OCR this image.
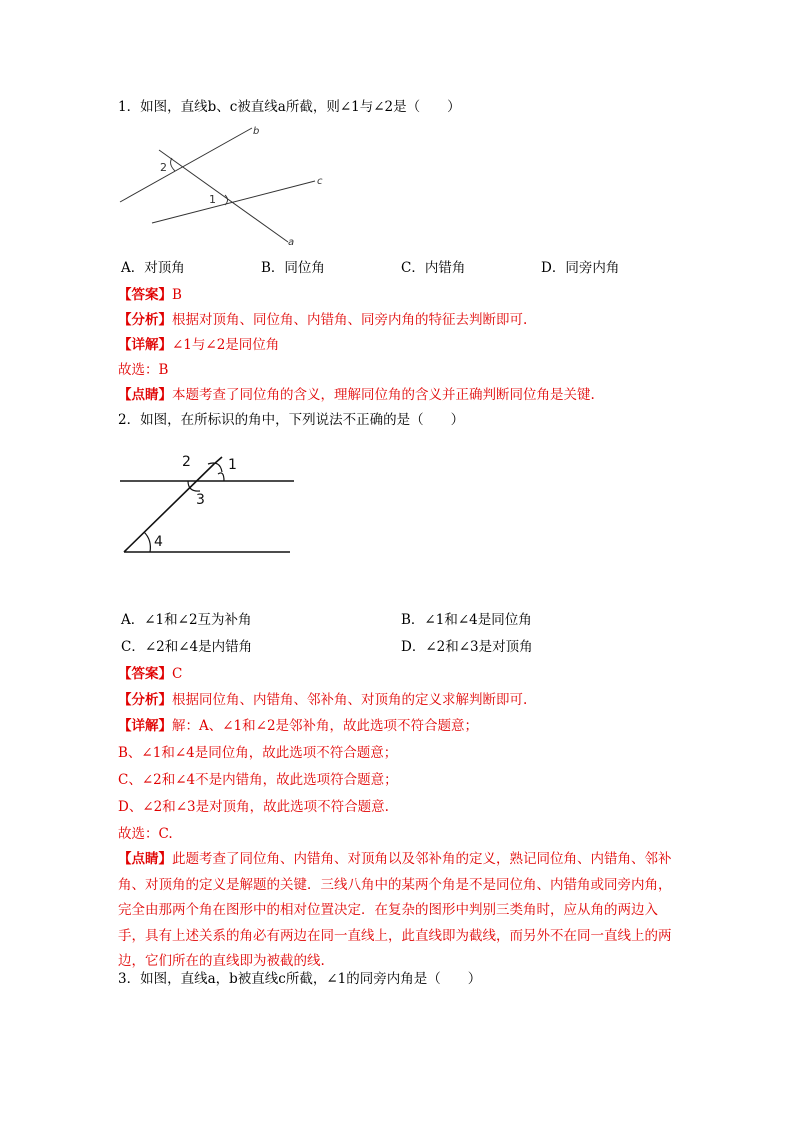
1．如图，直线b、c被直线a所截，则∠1与∠2是（　　）
b
c
a
2
1
A．对顶角	B．同位角	C．内错角	D．同旁内角
【答案】B
【分析】根据对顶角、同位角、内错角、同旁内角的特征去判断即可.
【详解】∠1与∠2是同位角
故选：B
【点睛】本题考查了同位角的含义，理解同位角的含义并正确判断同位角是关键.
2．如图，在所标识的角中，下列说法不正确的是（　　）
2	1
3
4
A．∠1和∠2互为补角	B．∠1和∠4是同位角
C．∠2和∠4是内错角	D．∠2和∠3是对顶角
【答案】C
【分析】根据同位角、内错角、邻补角、对顶角的定义求解判断即可.
【详解】解：A、∠1和∠2是邻补角，故此选项不符合题意；
B、∠1和∠4是同位角，故此选项不符合题意；
C、∠2和∠4不是内错角，故此选项符合题意；
D、∠2和∠3是对顶角，故此选项不符合题意.
故选：C.
【点睛】此题考查了同位角、内错角、对顶角以及邻补角的定义，熟记同位角、内错角、邻补角、对顶角的定义是解题的关键．三线八角中的某两个角是不是同位角、内错角或同旁内角，完全由那两个角在图形中的相对位置决定．在复杂的图形中判别三类角时，应从角的两边入手，具有上述关系的角必有两边在同一直线上，此直线即为截线，而另外不在同一直线上的两边，它们所在的直线即为被截的线.
3．如图，直线a，b被直线c所截，∠1的同旁内角是（　　）
